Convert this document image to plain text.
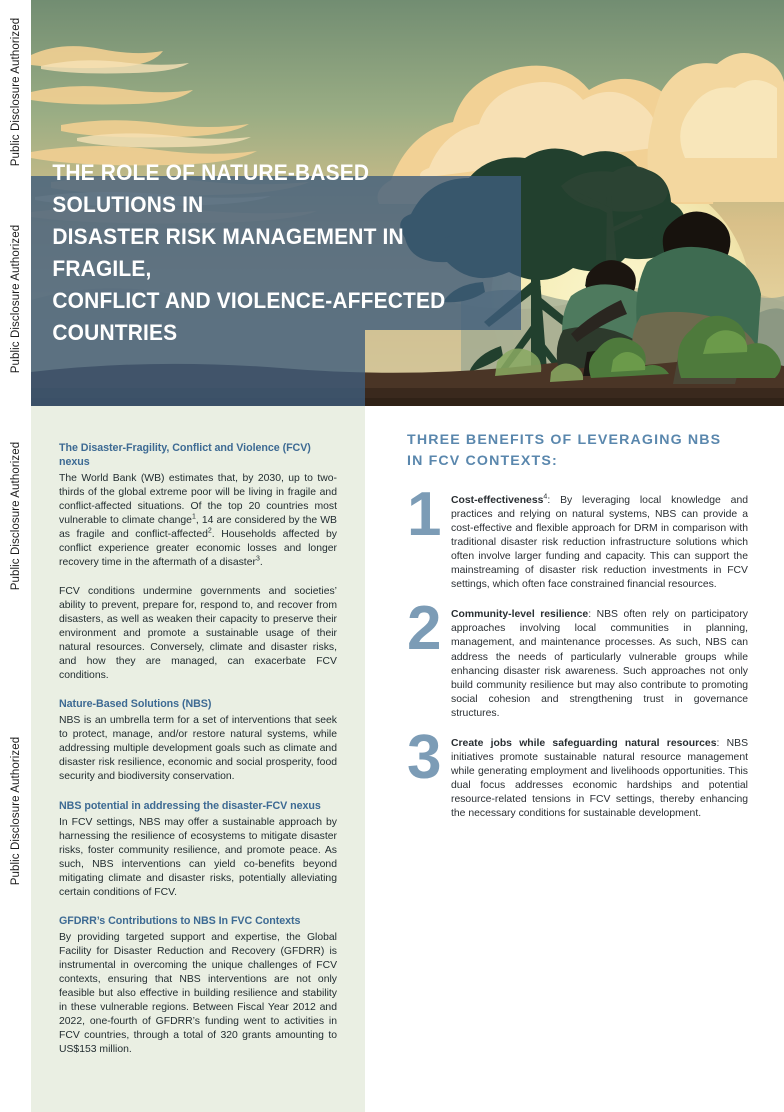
Public Disclosure Authorized
Public Disclosure Authorized
Public Disclosure Authorized
Public Disclosure Authorized
THE ROLE OF NATURE-BASED SOLUTIONS IN
DISASTER RISK MANAGEMENT IN FRAGILE,
CONFLICT AND VIOLENCE-AFFECTED COUNTRIES
The Disaster-Fragility, Conflict and Violence (FCV) nexus
The World Bank (WB) estimates that, by 2030, up to two-thirds of the global extreme poor will be living in fragile and conflict-affected situations. Of the top 20 countries most vulnerable to climate change$^1$, 14 are considered by the WB as fragile and conflict-affected$^2$. Households affected by conflict experience greater economic losses and longer recovery time in the aftermath of a disaster$^3$.
FCV conditions undermine governments and societies’ ability to prevent, prepare for, respond to, and recover from disasters, as well as weaken their capacity to preserve their environment and promote a sustainable usage of their natural resources. Conversely, climate and disaster risks, and how they are managed, can exacerbate FCV conditions.
Nature-Based Solutions (NBS)
NBS is an umbrella term for a set of interventions that seek to protect, manage, and/or restore natural systems, while addressing multiple development goals such as climate and disaster risk resilience, economic and social prosperity, food security and biodiversity conservation.
NBS potential in addressing the disaster-FCV nexus
In FCV settings, NBS may offer a sustainable approach by harnessing the resilience of ecosystems to mitigate disaster risks, foster community resilience, and promote peace. As such, NBS interventions can yield co-benefits beyond mitigating climate and disaster risks, potentially alleviating certain conditions of FCV.
GFDRR’s Contributions to NBS In FVC Contexts
By providing targeted support and expertise, the Global Facility for Disaster Reduction and Recovery (GFDRR) is instrumental in overcoming the unique challenges of FCV contexts, ensuring that NBS interventions are not only feasible but also effective in building resilience and stability in these vulnerable regions. Between Fiscal Year 2012 and 2022, one-fourth of GFDRR’s funding went to activities in FCV countries, through a total of 320 grants amounting to US$153 million.
THREE BENEFITS OF LEVERAGING NBS
IN FCV CONTEXTS:
1	Cost-effectiveness$^4$: By leveraging local knowledge and practices and relying on natural systems, NBS can provide a cost-effective and flexible approach for DRM in comparison with traditional disaster risk reduction infrastructure solutions which often involve larger funding and capacity. This can support the mainstreaming of disaster risk reduction investments in FCV settings, which often face constrained financial resources.
2	Community-level resilience: NBS often rely on participatory approaches involving local communities in planning, management, and maintenance processes. As such, NBS can address the needs of particularly vulnerable groups while enhancing disaster risk awareness. Such approaches not only build community resilience but may also contribute to promoting social cohesion and strengthening trust in governance structures.
3	Create jobs while safeguarding natural resources: NBS initiatives promote sustainable natural resource management while generating employment and livelihoods opportunities. This dual focus addresses economic hardships and potential resource-related tensions in FCV settings, thereby enhancing the necessary conditions for sustainable development.
